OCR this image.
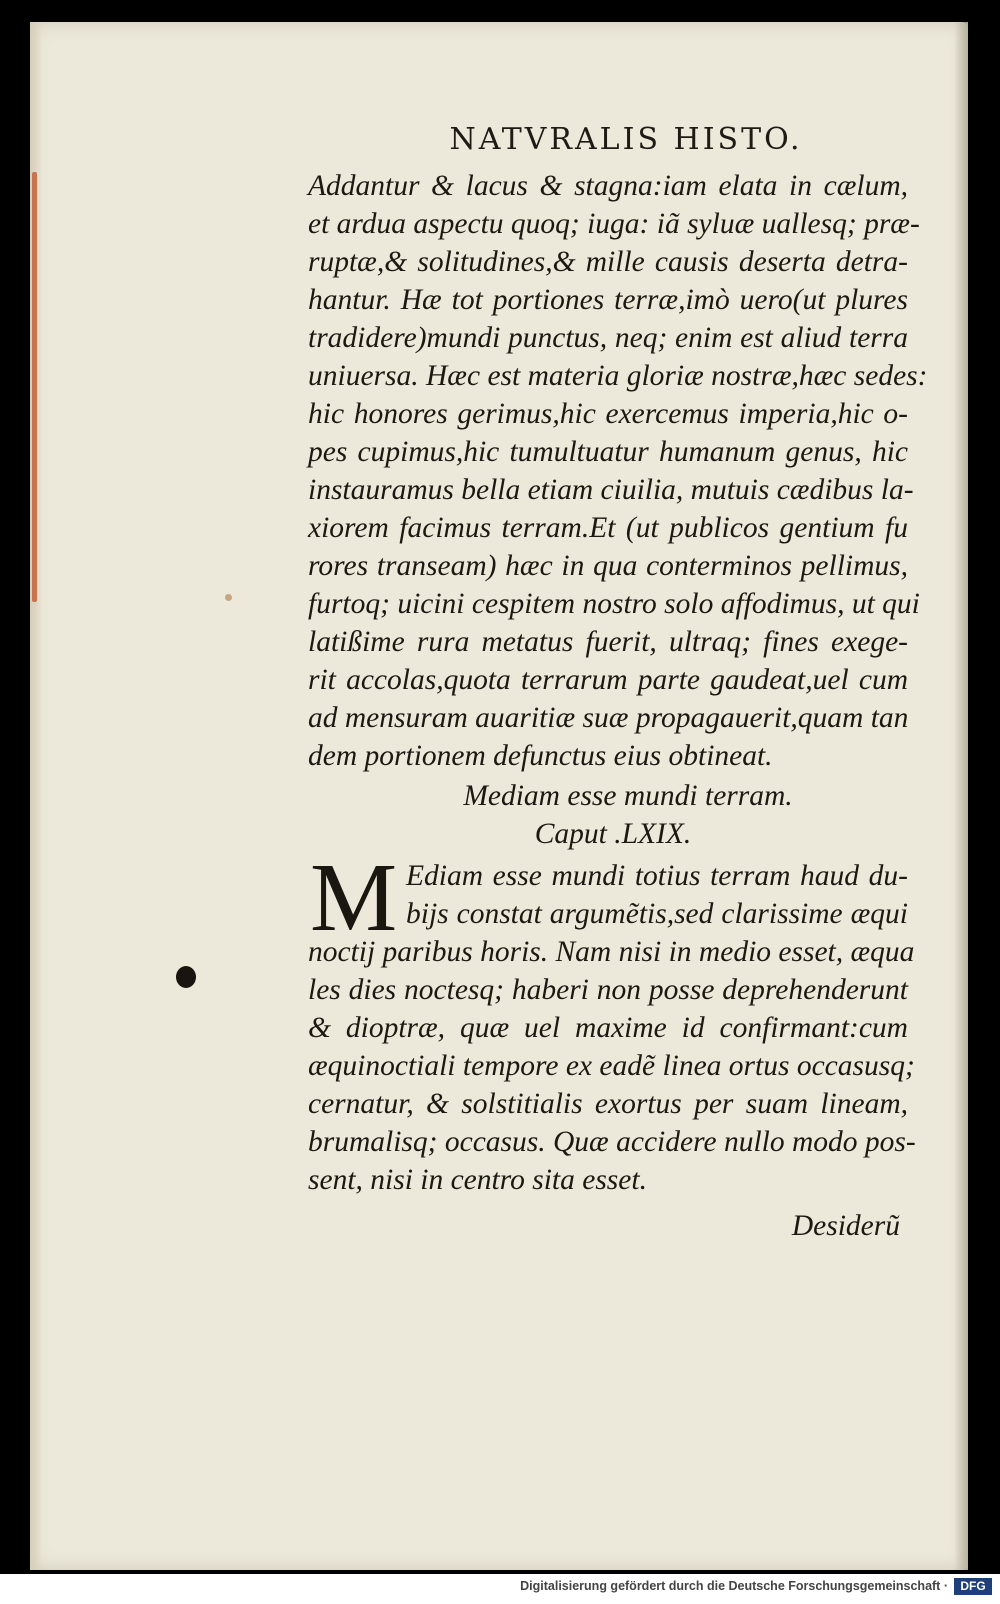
NATVRALIS HISTO.
Addantur & lacus & stagna:iam elata in cælum,
et ardua aspectu quoq; iuga: iã syluæ uallesq; præ-
ruptæ,& solitudines,& mille causis deserta detra-
hantur. Hæ tot portiones terræ,imò uero(ut plures
tradidere)mundi punctus, neq; enim est aliud terra
uniuersa. Hæc est materia gloriæ nostræ,hæc sedes:
hic honores gerimus,hic exercemus imperia,hic o-
pes cupimus,hic tumultuatur humanum genus, hic
instauramus bella etiam ciuilia, mutuis cædibus la-
xiorem facimus terram.Et (ut publicos gentium fu
rores transeam) hæc in qua conterminos pellimus,
furtoq; uicini cespitem nostro solo affodimus, ut qui
latißime rura metatus fuerit, ultraq; fines exege-
rit accolas,quota terrarum parte gaudeat,uel cum
ad mensuram auaritiæ suæ propagauerit,quam tan
dem portionem defunctus eius obtineat.
Mediam esse mundi terram.
Caput .LXIX.
M Ediam esse mundi totius terram haud du-
bijs constat argumẽtis,sed clarissime æqui
noctij paribus horis. Nam nisi in medio esset, æqua
les dies noctesq; haberi non posse deprehenderunt
& dioptræ, quæ uel maxime id confirmant:cum
æquinoctiali tempore ex eadẽ linea ortus occasusq;
cernatur, & solstitialis exortus per suam lineam,
brumalisq; occasus. Quæ accidere nullo modo pos-
sent, nisi in centro sita esset.
Desiderũ
Digitalisierung gefördert durch die Deutsche Forschungsgemeinschaft ·	DFG
